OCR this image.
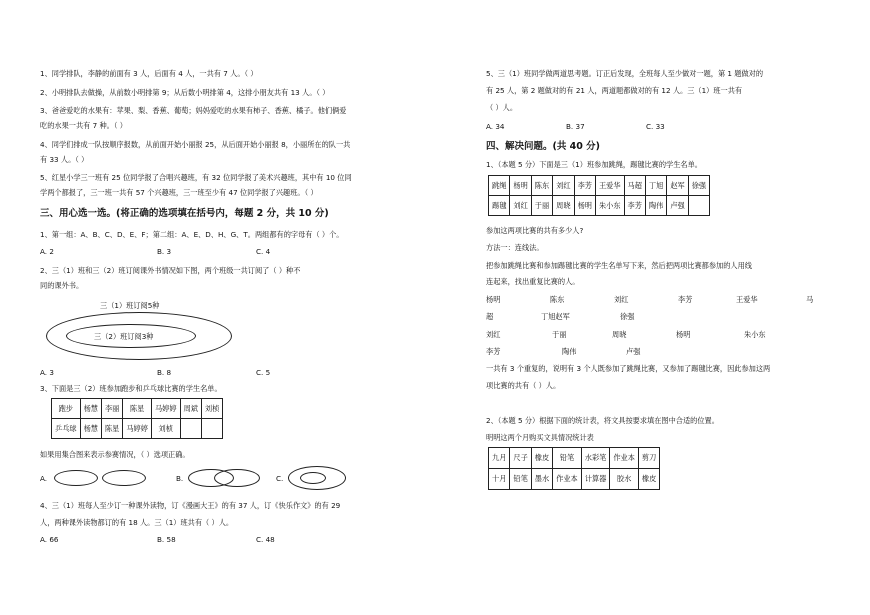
1、同学排队，李静的前面有 3 人，后面有 4 人，一共有 7 人。（ ）
2、小明排队去做操，从前数小明排第 9；从后数小明排第 4，这排小朋友共有 13 人。（ ）
3、爸爸爱吃的水果有：苹果、梨、香蕉、葡萄；妈妈爱吃的水果有柿子、香蕉、橘子。他们俩爱
吃的水果一共有 7 种。（ ）
4、同学们排成一队按顺序报数，从前面开始小丽报 25，从后面开始小丽报 8，小丽所在的队一共
有 33 人。（ ）
5、红星小学三一班有 25 位同学报了合唱兴趣班，有 32 位同学报了美术兴趣班，其中有 10 位同
学两个都报了，三一班一共有 57 个兴趣班，三一班至少有 47 位同学报了兴趣班。（ ）
三、用心选一选。(将正确的选项填在括号内，每题 2 分，共 10 分)
1、第一组：A、B、C、D、E、F；第二组：A、E、D、H、G、T。两组都有的字母有（ ）个。
A. 2	B. 3	C. 4
2、三（1）班和三（2）班订阅课外书情况如下图，两个班级一共订阅了（ ）种不
同的课外书。
三（1）班订阅5种
三（2）班订阅3种
A. 3	B. 8	C. 5
3、下面是三（2）班参加跑步和乒乓球比赛的学生名单。
跑步	杨慧	李丽	陈星	马婷婷	周斌	刘桢
乒乓球	杨慧	陈星	马婷婷	刘桢		
如果用集合图来表示参赛情况，（ ）选项正确。
A.	B.	C.
4、三（1）班每人至少订一种课外读物，订《漫画大王》的有 37 人，订《快乐作文》的有 29
人，两种课外读物都订的有 18 人。三（1）班共有（ ）人。
A. 66	B. 58	C. 48
5、三（1）班同学做两道思考题。订正后发现，全班每人至少做对一题，第 1 题做对的
有 25 人，第 2 题做对的有 21 人，两道题都做对的有 12 人。三（1）班一共有
（ ）人。
A. 34	B. 37	C. 33
四、解决问题。(共 40 分)
1、（本题 5 分）下面是三（1）班参加跳绳，踢毽比赛的学生名单。
跳绳	杨明	陈东	刘红	李芳	王爱华	马超	丁旭	赵军	徐强
踢毽	刘红	于丽	周晓	杨明	朱小东	李芳	陶伟	卢强	
参加这两项比赛的共有多少人?
方法一：连线法。
把参加跳绳比赛和参加踢毽比赛的学生名单写下来，然后把两项比赛都参加的人用线
连起来，找出重复比赛的人。
杨明	陈东	刘红	李芳	王爱华	马
超	丁旭赵军	徐强
刘红	于丽	周晓	杨明	朱小东
李芳	陶伟	卢强
一共有 3 个重复的，说明有 3 个人既参加了跳绳比赛，又参加了踢毽比赛，因此参加这两
项比赛的共有（ ）人。
2、（本题 5 分）根据下面的统计表，将文具按要求填在图中合适的位置。
明明这两个月购买文具情况统计表
九月	尺子	橡皮	铅笔	水彩笔	作业本	剪刀
十月	铅笔	墨水	作业本	计算器	胶水	橡皮
